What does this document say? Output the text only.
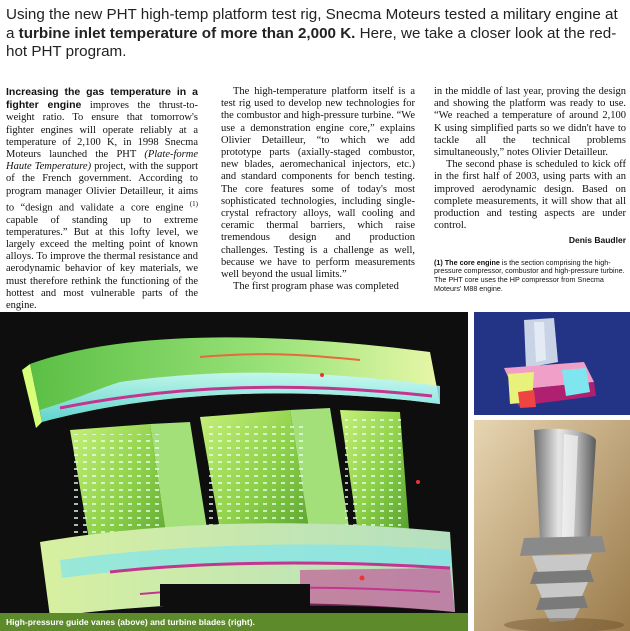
Using the new PHT high-temp platform test rig, Snecma Moteurs tested a military engine at a turbine inlet temperature of more than 2,000 K. Here, we take a closer look at the red-hot PHT program.

Increasing the gas temperature in a fighter engine improves the thrust-to-weight ratio. To ensure that tomorrow's fighter engines will operate reliably at a temperature of 2,100 K, in 1998 Snecma Moteurs launched the PHT (Plate-forme Haute Temperature) project, with the support of the French government. According to program manager Olivier Detailleur, it aims to “design and validate a core engine $^{(1)}$ capable of standing up to extreme temperatures.” But at this lofty level, we largely exceed the melting point of known alloys. To improve the thermal resistance and aerodynamic behavior of key materials, we must therefore rethink the functioning of the hottest and most vulnerable parts of the engine.

The high-temperature platform itself is a test rig used to develop new technologies for the combustor and high-pressure turbine. “We use a demonstration engine core,” explains Olivier Detailleur, “to which we add prototype parts (axially-staged combustor, new blades, aeromechanical injectors, etc.) and standard components for bench testing. The core features some of today's most sophisticated technologies, including single-crystal refractory alloys, wall cooling and ceramic thermal barriers, which raise tremendous design and production challenges. Testing is a challenge as well, because we have to perform measurements well beyond the usual limits.”

The first program phase was completed

in the middle of last year, proving the design and showing the platform was ready to use. “We reached a temperature of around 2,100 K using simplified parts so we didn't have to tackle all the technical problems simultaneously,” notes Olivier Detailleur.

The second phase is scheduled to kick off in the first half of 2003, using parts with an improved aerodynamic design. Based on complete measurements, it will show that all production and testing aspects are under control.

Denis Baudler

(1) The core engine is the section comprising the high-pressure compressor, combustor and high-pressure turbine. The PHT core uses the HP compressor from Snecma Moteurs' M88 engine.

High-pressure guide vanes (above) and turbine blades (right).
